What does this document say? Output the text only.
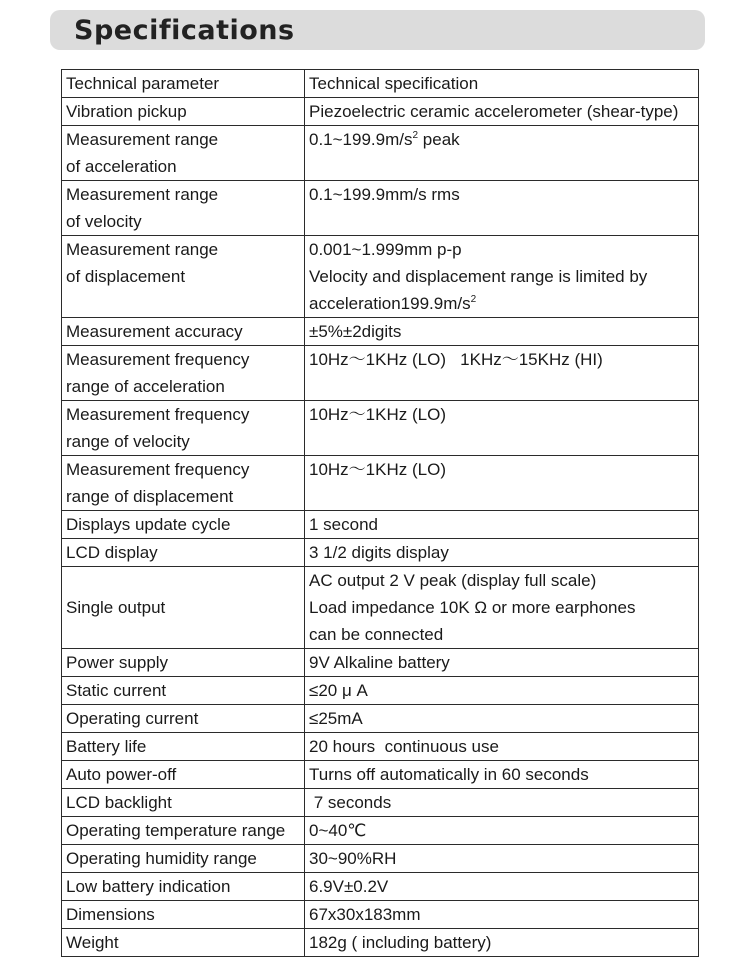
Specifications
Technical parameter	Technical specification

Vibration pickup	Piezoelectric ceramic accelerometer (shear-type)

Measurement range
of acceleration	$0.1\sim 199.9m/s^2$ peak

Measurement range
of velocity	0.1~199.9mm/s rms

Measurement range
of displacement	0.001~1.999mm p-p
Velocity and displacement range is limited by
$acceleration199.9m/s^2$

Measurement accuracy	±5%±2digits

Measurement frequency
range of acceleration	10Hz～1KHz (LO)   1KHz～15KHz (HI)

Measurement frequency
range of velocity	10Hz～1KHz (LO)

Measurement frequency
range of displacement	10Hz～1KHz (LO)

Displays update cycle	1 second

LCD display	3 1/2 digits display

Single output	AC output 2 V peak (display full scale)
Load impedance 10K Ω or more earphones
can be connected

Power supply	9V Alkaline battery

Static current	≤20 μ A

Operating current	≤25mA

Battery life	20 hours  continuous use

Auto power-off	Turns off automatically in 60 seconds

LCD backlight	7 seconds

Operating temperature range	0~40℃

Operating humidity range	30~90%RH

Low battery indication	6.9V±0.2V

Dimensions	67x30x183mm

Weight	182g ( including battery)
